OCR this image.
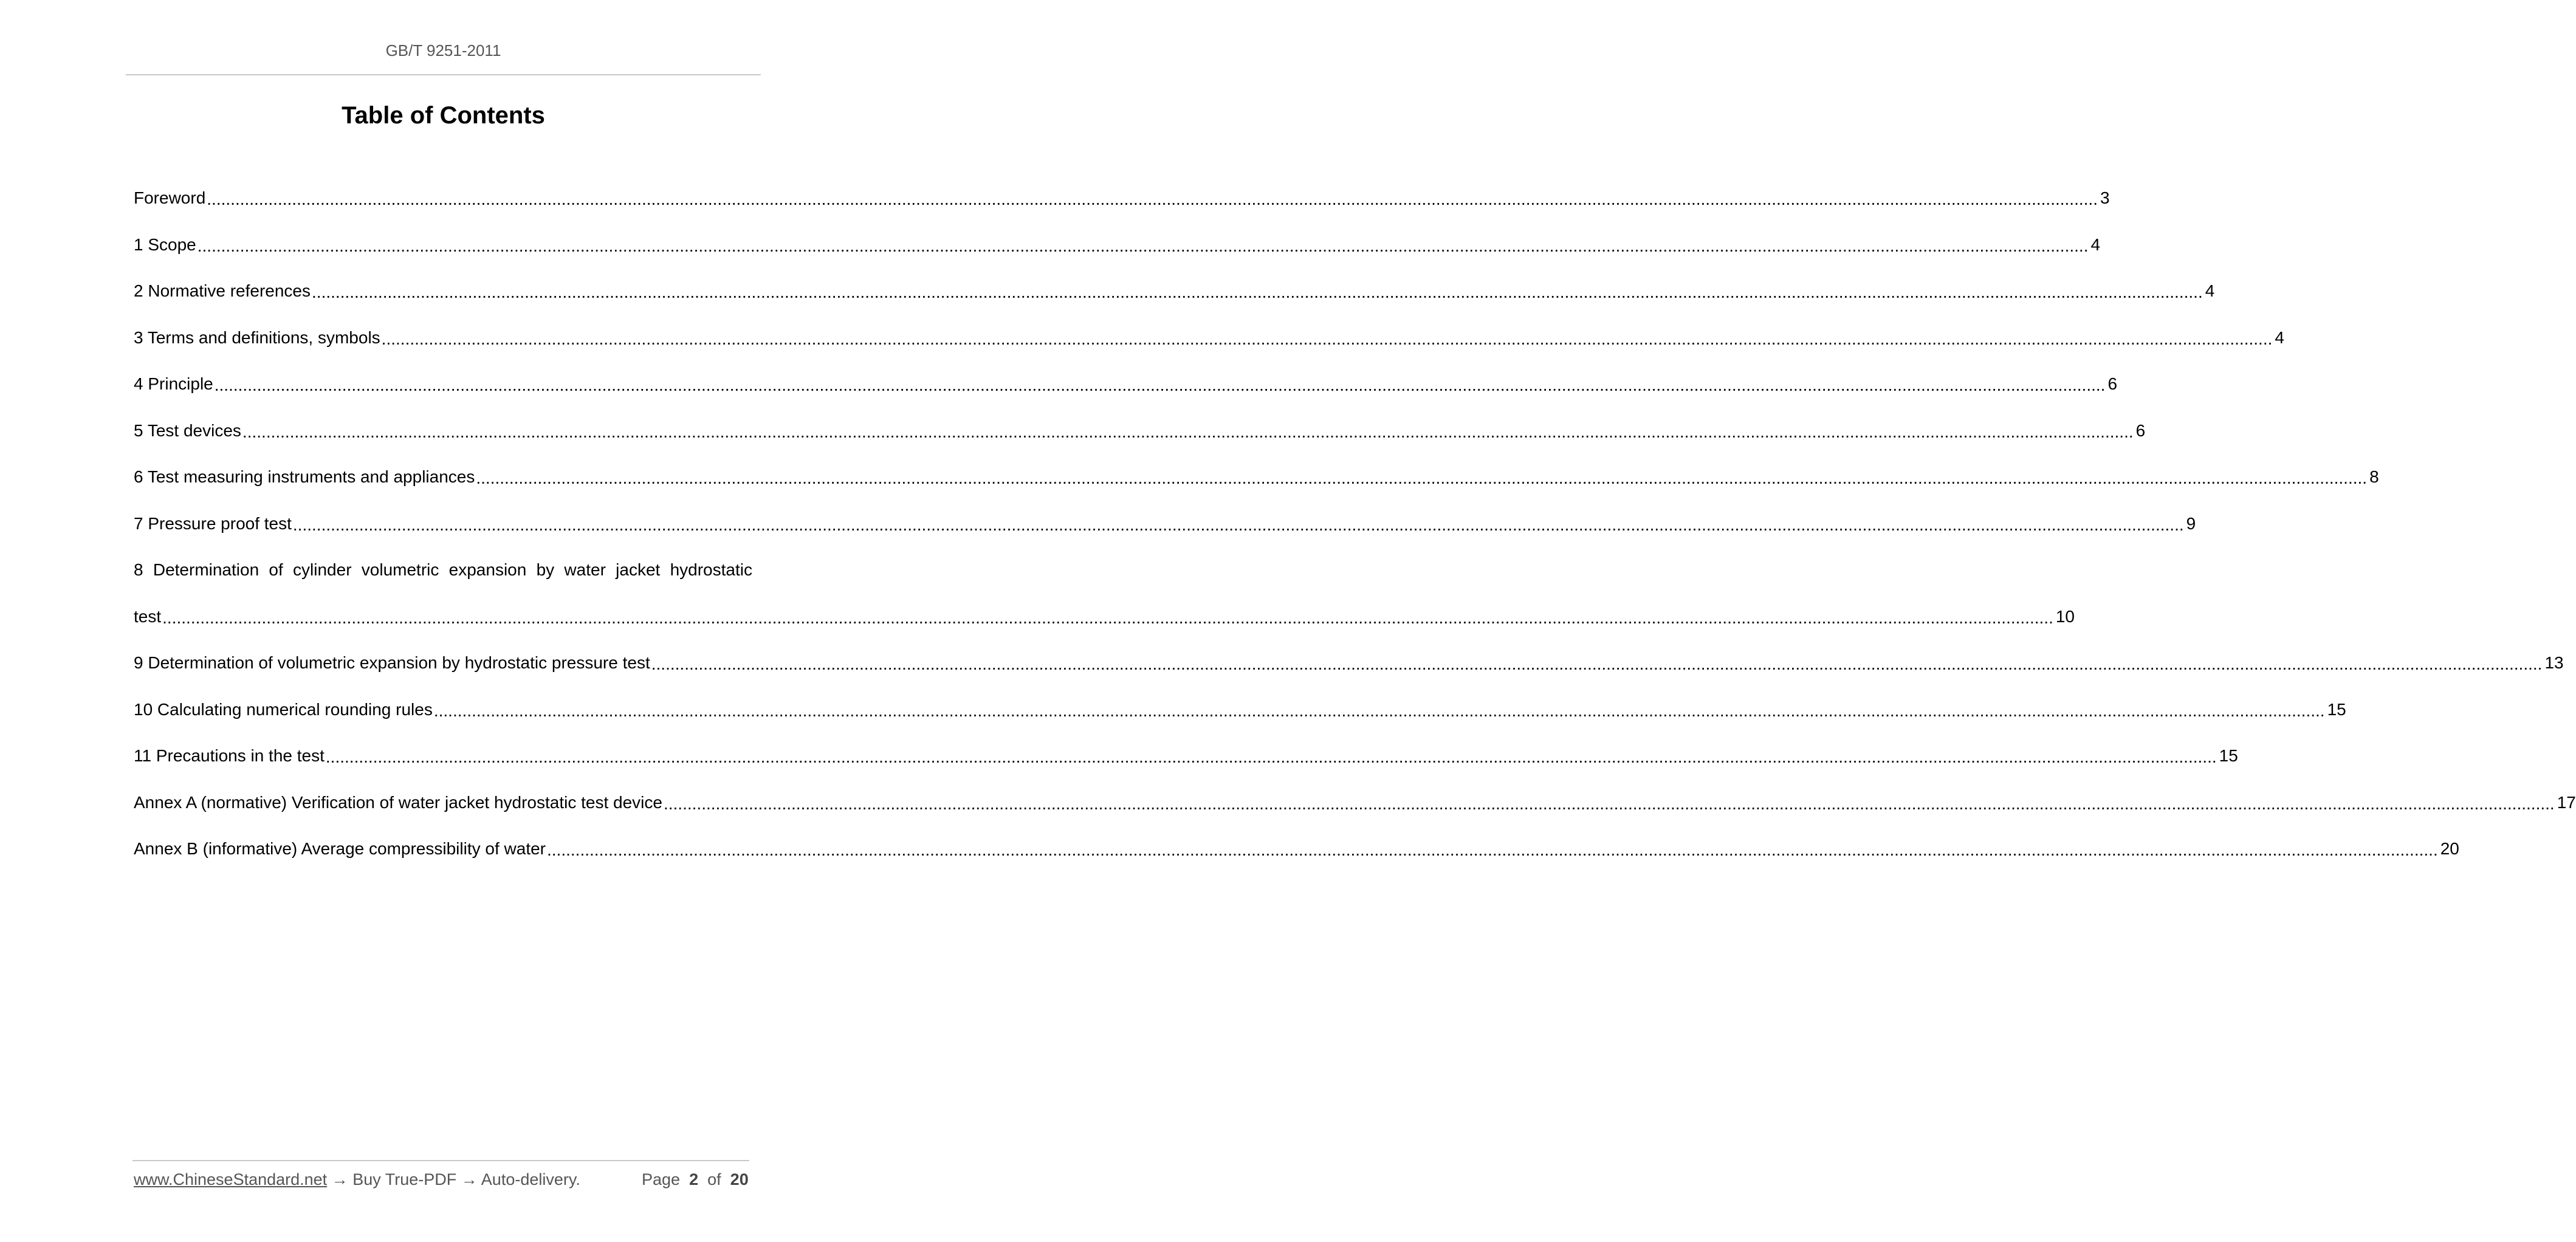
GB/T 9251-2011
Table of Contents
Foreword ................................................................................................................................................................................................................................................................................................................................................................................................................ 3
1 Scope ................................................................................................................................................................................................................................................................................................................................................................................................................ 4
2 Normative references ................................................................................................................................................................................................................................................................................................................................................................................................................ 4
3 Terms and definitions, symbols ................................................................................................................................................................................................................................................................................................................................................................................................................ 4
4 Principle ................................................................................................................................................................................................................................................................................................................................................................................................................ 6
5 Test devices ................................................................................................................................................................................................................................................................................................................................................................................................................ 6
6 Test measuring instruments and appliances ................................................................................................................................................................................................................................................................................................................................................................................................................ 8
7 Pressure proof test ................................................................................................................................................................................................................................................................................................................................................................................................................ 9
8 Determination of cylinder volumetric expansion by water jacket hydrostatic
test ................................................................................................................................................................................................................................................................................................................................................................................................................ 10
9 Determination of volumetric expansion by hydrostatic pressure test ................................................................................................................................................................................................................................................................................................................................................................................................................ 13
10 Calculating numerical rounding rules ................................................................................................................................................................................................................................................................................................................................................................................................................ 15
11 Precautions in the test ................................................................................................................................................................................................................................................................................................................................................................................................................ 15
Annex A (normative) Verification of water jacket hydrostatic test device ................................................................................................................................................................................................................................................................................................................................................................................................................ 17
Annex B (informative) Average compressibility of water ................................................................................................................................................................................................................................................................................................................................................................................................................ 20
www.ChineseStandard.net → Buy True-PDF → Auto-delivery.	Page 2 of 20
